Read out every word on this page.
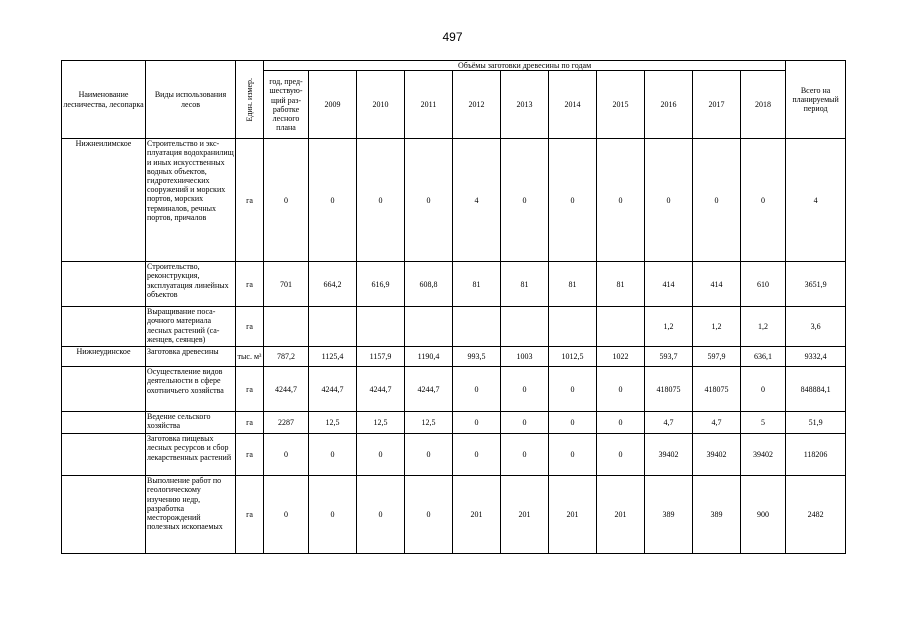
497
Наименование лесничества, лесопарка	Виды использования лесов	Един. измер.	Объёмы заготовки древесины по годам											Всего на планируемый период
			год, пред-шествую-щий раз-работке лесного плана	2009	2010	2011	2012	2013	2014	2015	2016	2017	2018	
Нижнеилимское	Строительство и экс-плуатация водохранилищ и иных искусственных водных объектов, гидротехнических сооружений и морских портов, морских терминалов, речных портов, причалов	га	0	0	0	0	4	0	0	0	0	0	0	4
	Строительство, реконструкция, эксплуатация линейных объектов	га	701	664,2	616,9	608,8	81	81	81	81	414	414	610	3651,9
	Выращивание поса-дочного материала лесных растений (са-женцев, сеянцев)	га									1,2	1,2	1,2	3,6
Нижнеудинское	Заготовка древесины	тыс. м³	787,2	1125,4	1157,9	1190,4	993,5	1003	1012,5	1022	593,7	597,9	636,1	9332,4
	Осуществление видов деятельности в сфере охотничьего хозяйства	га	4244,7	4244,7	4244,7	4244,7	0	0	0	0	418075	418075	0	848884,1
	Ведение сельского хозяйства	га	2287	12,5	12,5	12,5	0	0	0	0	4,7	4,7	5	51,9
	Заготовка пищевых лесных ресурсов и сбор лекарственных растений	га	0	0	0	0	0	0	0	0	39402	39402	39402	118206
	Выполнение работ по геологическому изучению недр, разработка месторождений полезных ископаемых	га	0	0	0	0	201	201	201	201	389	389	900	2482
